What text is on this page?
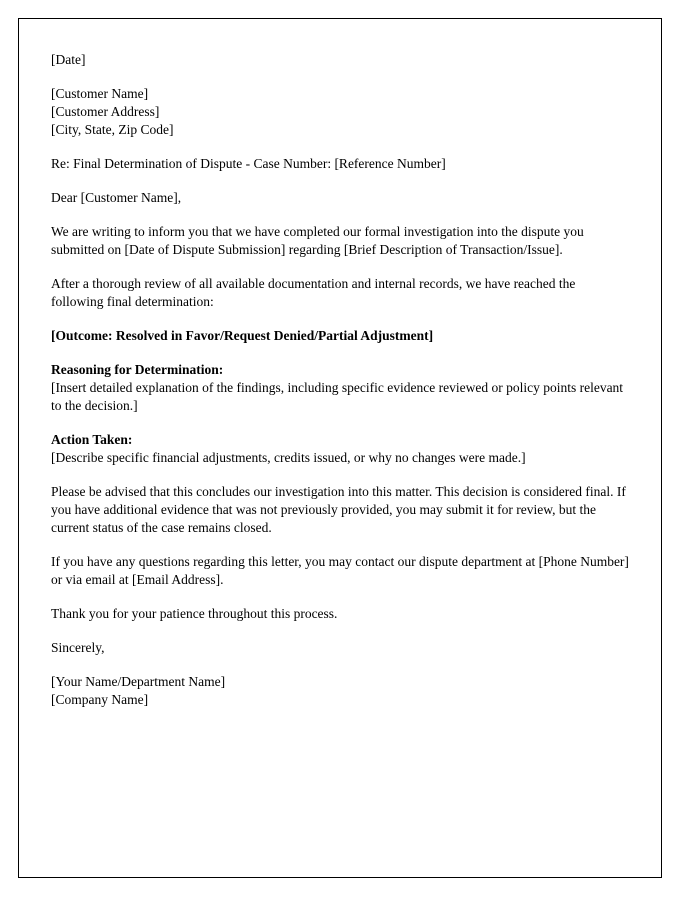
[Date]

[Customer Name]
[Customer Address]
[City, State, Zip Code]

Re: Final Determination of Dispute - Case Number: [Reference Number]

Dear [Customer Name],

We are writing to inform you that we have completed our formal investigation into the dispute you submitted on [Date of Dispute Submission] regarding [Brief Description of Transaction/Issue].

After a thorough review of all available documentation and internal records, we have reached the following final determination:

[Outcome: Resolved in Favor/Request Denied/Partial Adjustment]

Reasoning for Determination:
[Insert detailed explanation of the findings, including specific evidence reviewed or policy points relevant to the decision.]

Action Taken:
[Describe specific financial adjustments, credits issued, or why no changes were made.]

Please be advised that this concludes our investigation into this matter. This decision is considered final. If you have additional evidence that was not previously provided, you may submit it for review, but the current status of the case remains closed.

If you have any questions regarding this letter, you may contact our dispute department at [Phone Number] or via email at [Email Address].

Thank you for your patience throughout this process.

Sincerely,

[Your Name/Department Name]
[Company Name]
